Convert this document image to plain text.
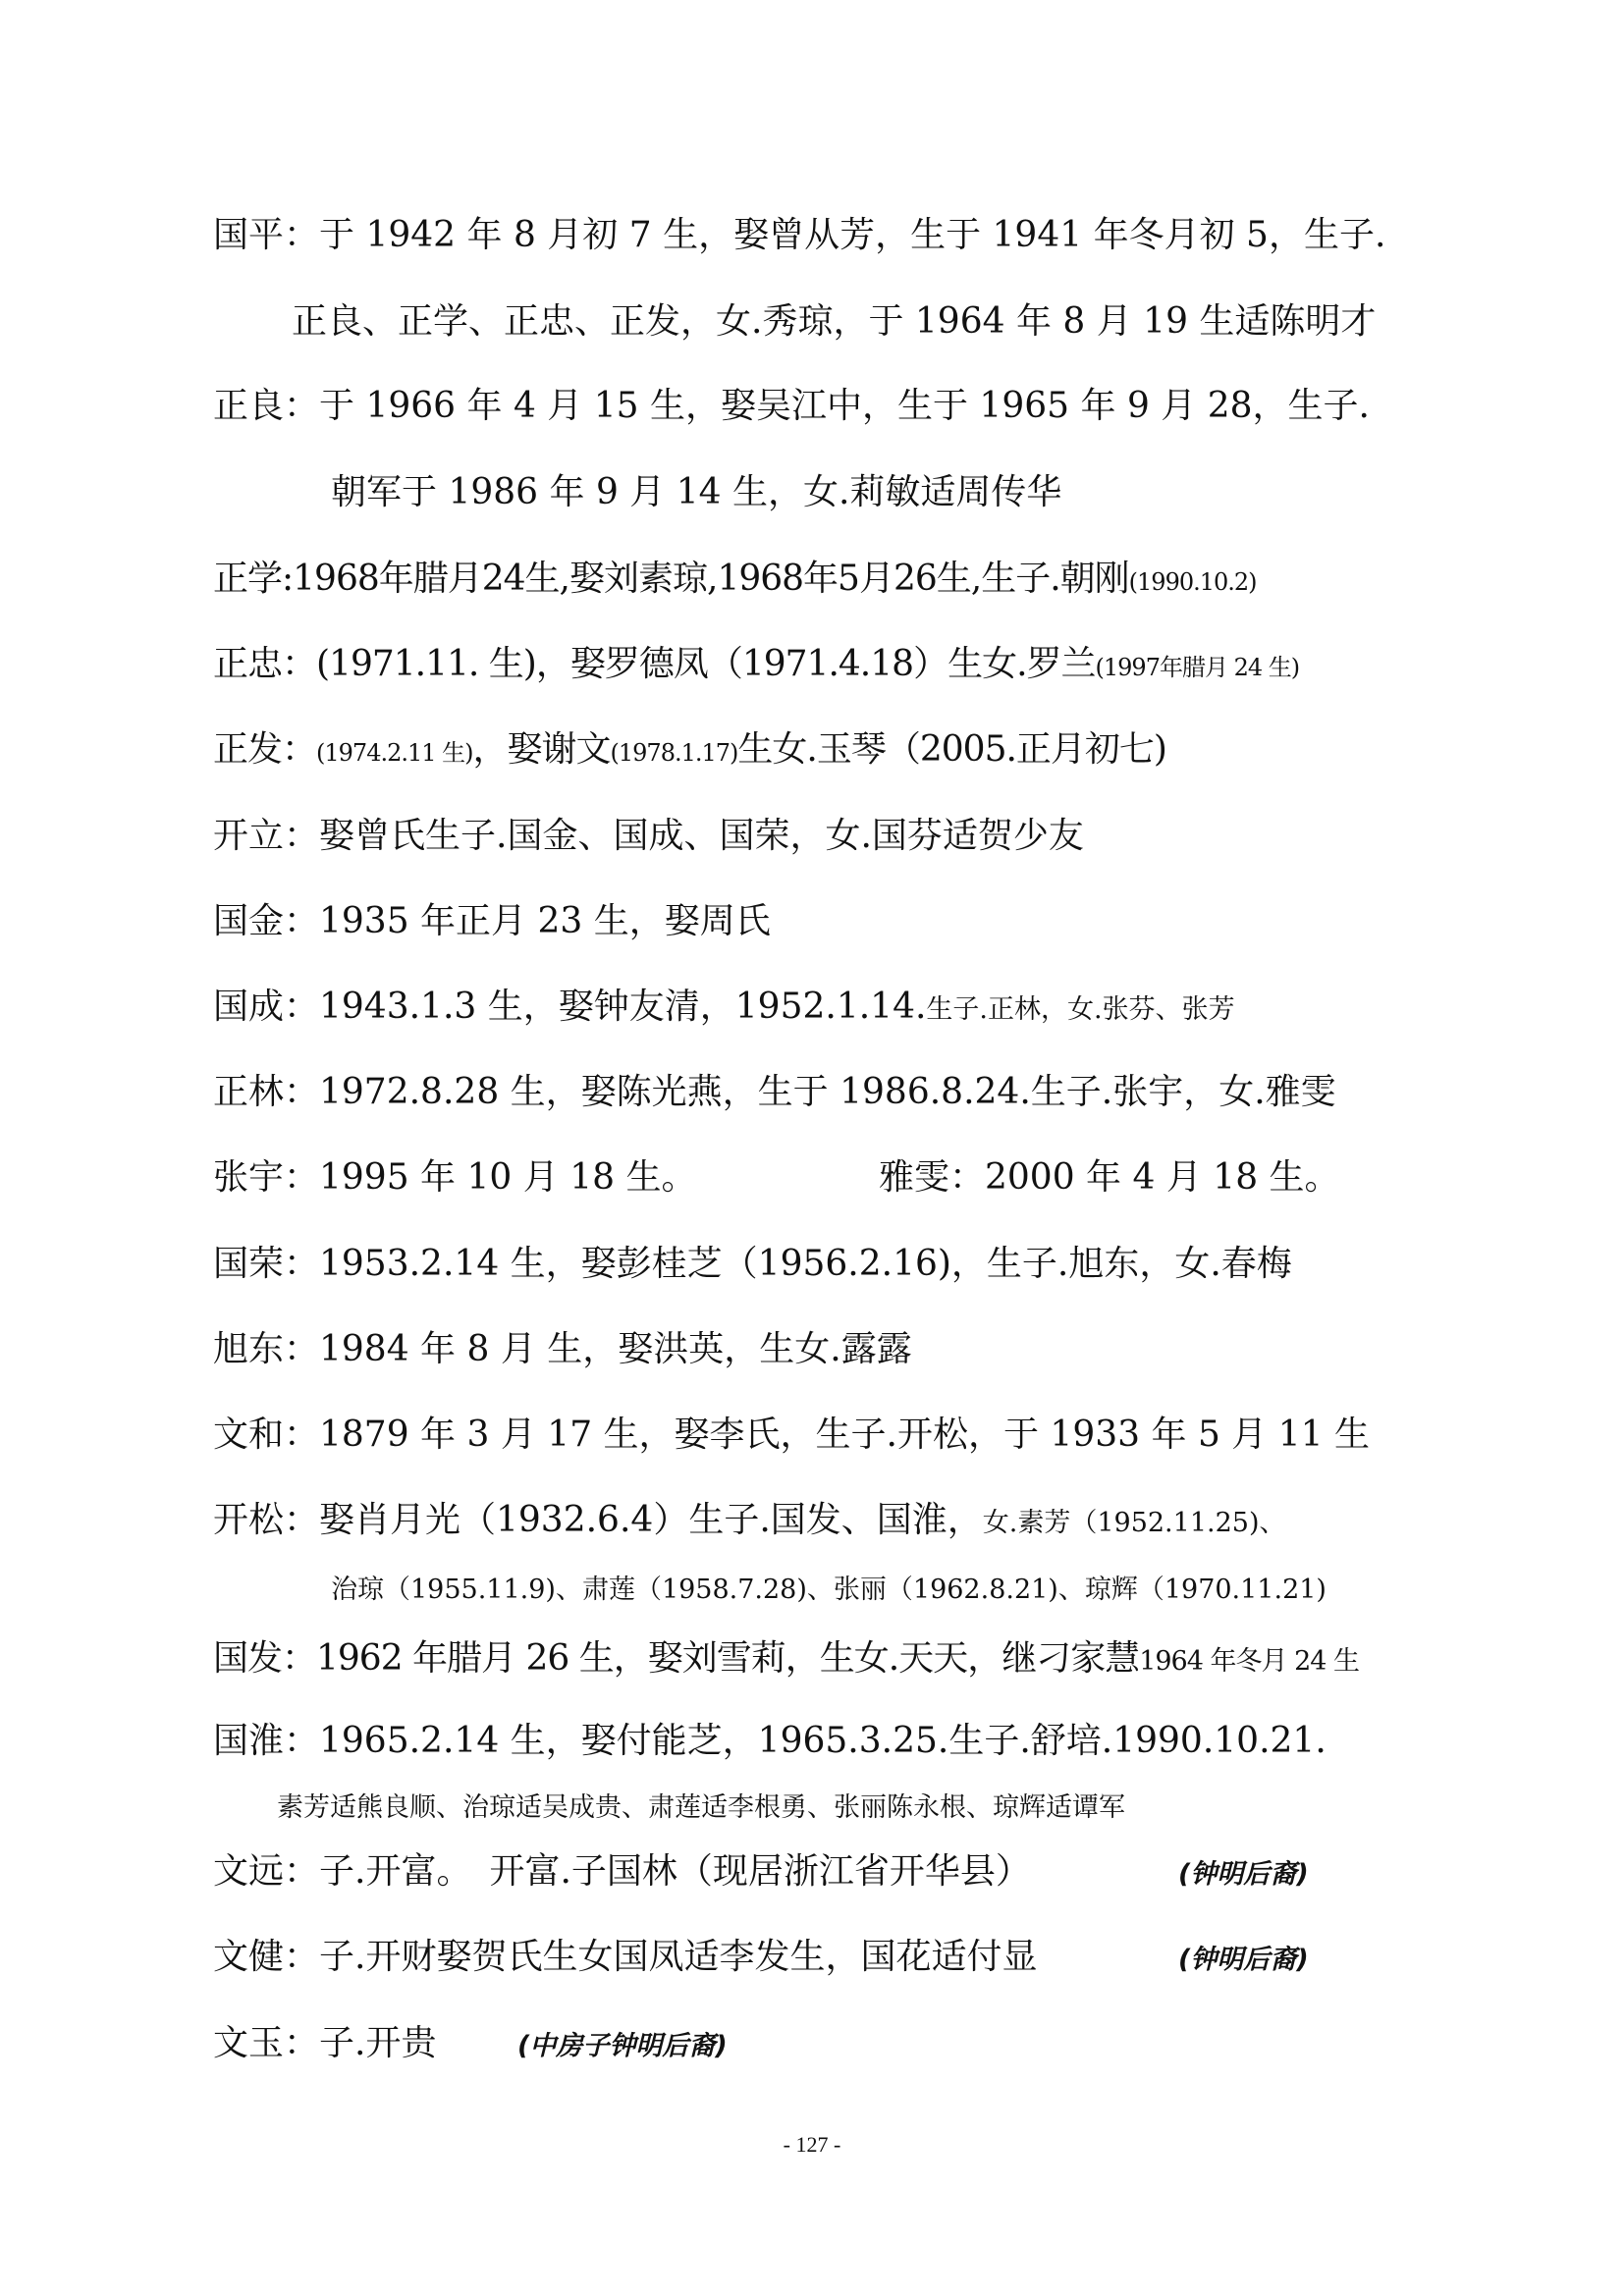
国平：于 1942 年 8 月初 7 生，娶曾从芳，生于 1941 年冬月初 5，生子.

正良、正学、正忠、正发，女.秀琼，于 1964 年 8 月 19 生适陈明才

正良：于 1966 年 4 月 15 生，娶吴江中，生于 1965 年 9 月 28，生子.

朝军于 1986 年 9 月 14 生，女.莉敏适周传华

正学:1968年腊月24生,娶刘素琼,1968年5月26生,生子.朝刚(1990.10.2)

正忠：(1971.11. 生)，娶罗德凤（1971.4.18）生女.罗兰(1997年腊月 24 生)

正发：(1974.2.11 生)，娶谢文(1978.1.17)生女.玉琴（2005.正月初七)

开立：娶曾氏生子.国金、国成、国荣，女.国芬适贺少友

国金：1935 年正月 23 生，娶周氏

国成：1943.1.3 生，娶钟友清，1952.1.14.生子.正林，女.张芬、张芳

正林：1972.8.28 生，娶陈光燕，生于 1986.8.24.生子.张宇，女.雅雯

张宇：1995 年 10 月 18 生。	雅雯：2000 年 4 月 18 生。

国荣：1953.2.14 生，娶彭桂芝（1956.2.16)，生子.旭东，女.春梅

旭东：1984 年 8 月 生，娶洪英，生女.露露

文和：1879 年 3 月 17 生，娶李氏，生子.开松，于 1933 年 5 月 11 生

开松：娶肖月光（1932.6.4）生子.国发、国淮，女.素芳（1952.11.25)、

治琼（1955.11.9)、肃莲（1958.7.28)、张丽（1962.8.21)、琼辉（1970.11.21)

国发：1962 年腊月 26 生，娶刘雪莉，生女.天天，继刁家慧1964 年冬月 24 生

国淮：1965.2.14 生，娶付能芝，1965.3.25.生子.舒培.1990.10.21.

素芳适熊良顺、治琼适吴成贵、肃莲适李根勇、张丽陈永根、琼辉适谭军

文远：子.开富。　开富.子国林（现居浙江省开华县）	(钟明后裔)

文健：子.开财娶贺氏生女国凤适李发生，国花适付显	(钟明后裔)

文玉：子.开贵	(中房子钟明后裔)

- 127 -
